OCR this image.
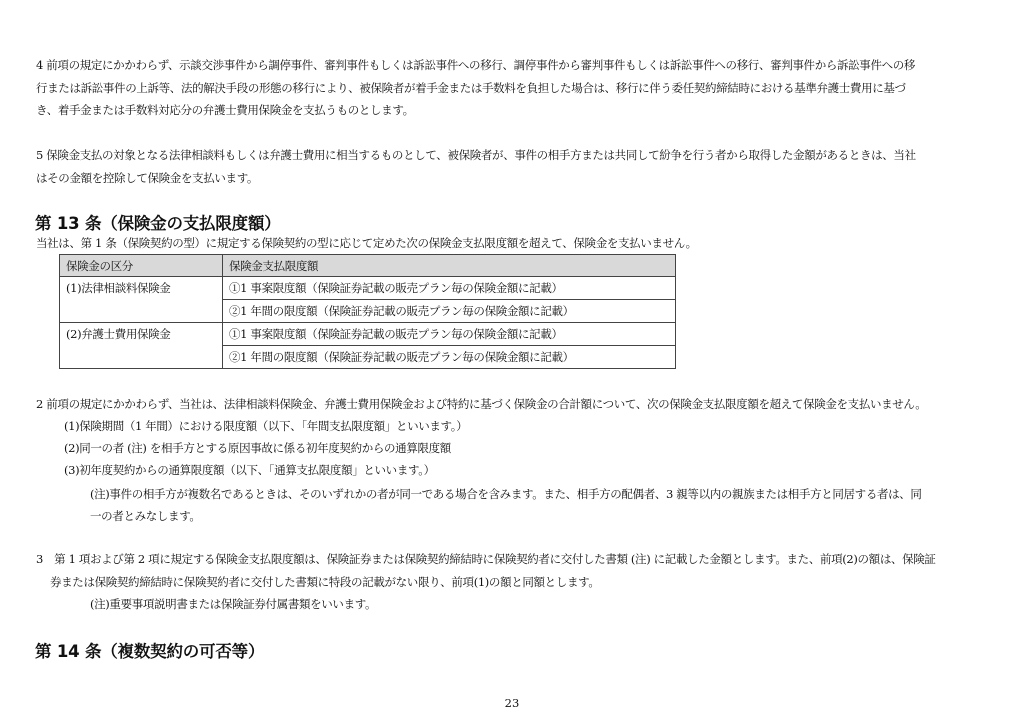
4 前項の規定にかかわらず、示談交渉事件から調停事件、審判事件もしくは訴訟事件への移行、調停事件から審判事件もしくは訴訟事件への移行、審判事件から訴訟事件への移
行または訴訟事件の上訴等、法的解決手段の形態の移行により、被保険者が着手金または手数料を負担した場合は、移行に伴う委任契約締結時における基準弁護士費用に基づ
き、着手金または手数料対応分の弁護士費用保険金を支払うものとします。
5 保険金支払の対象となる法律相談料もしくは弁護士費用に相当するものとして、被保険者が、事件の相手方または共同して紛争を行う者から取得した金額があるときは、当社
はその金額を控除して保険金を支払います。
第 13 条（保険金の支払限度額）
当社は、第 1 条（保険契約の型）に規定する保険契約の型に応じて定めた次の保険金支払限度額を超えて、保険金を支払いません。
保険金の区分	保険金支払限度額
(1)法律相談料保険金	①1 事案限度額（保険証券記載の販売プラン毎の保険金額に記載）
	②1 年間の限度額（保険証券記載の販売プラン毎の保険金額に記載）
(2)弁護士費用保険金	①1 事案限度額（保険証券記載の販売プラン毎の保険金額に記載）
	②1 年間の限度額（保険証券記載の販売プラン毎の保険金額に記載）
2 前項の規定にかかわらず、当社は、法律相談料保険金、弁護士費用保険金および特約に基づく保険金の合計額について、次の保険金支払限度額を超えて保険金を支払いません。
(1)保険期間（1 年間）における限度額（以下、「年間支払限度額」といいます。）
(2)同一の者 (注) を相手方とする原因事故に係る初年度契約からの通算限度額
(3)初年度契約からの通算限度額（以下、「通算支払限度額」といいます。）
(注)事件の相手方が複数名であるときは、そのいずれかの者が同一である場合を含みます。また、相手方の配偶者、3 親等以内の親族または相手方と同居する者は、同
一の者とみなします。
3　第 1 項および第 2 項に規定する保険金支払限度額は、保険証券または保険契約締結時に保険契約者に交付した書類 (注) に記載した金額とします。また、前項(2)の額は、保険証
券または保険契約締結時に保険契約者に交付した書類に特段の記載がない限り、前項(1)の額と同額とします。
(注)重要事項説明書または保険証券付属書類をいいます。
第 14 条（複数契約の可否等）
23
